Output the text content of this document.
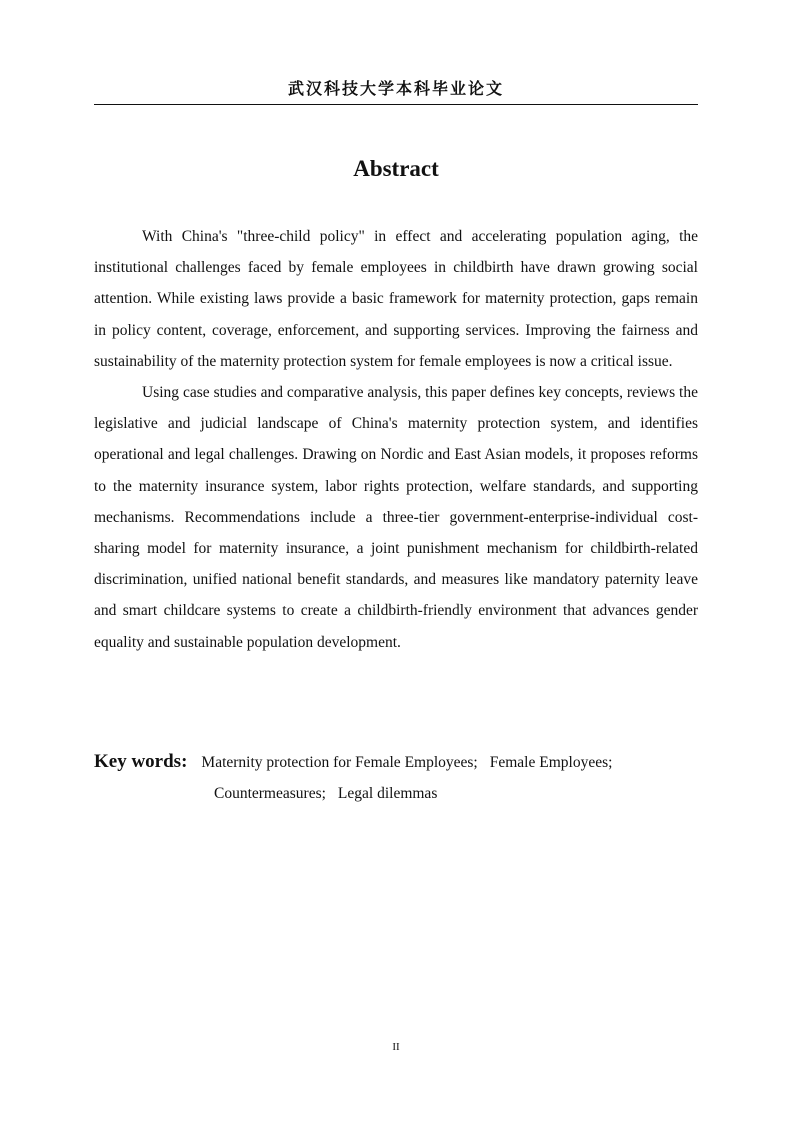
武汉科技大学本科毕业论文
Abstract

With China's "three-child policy" in effect and accelerating population aging, the institutional challenges faced by female employees in childbirth have drawn growing social attention. While existing laws provide a basic framework for maternity protection, gaps remain in policy content, coverage, enforcement, and supporting services. Improving the fairness and sustainability of the maternity protection system for female employees is now a critical issue.

Using case studies and comparative analysis, this paper defines key concepts, reviews the legislative and judicial landscape of China's maternity protection system, and identifies operational and legal challenges. Drawing on Nordic and East Asian models, it proposes reforms to the maternity insurance system, labor rights protection, welfare standards, and supporting mechanisms. Recommendations include a three-tier government-enterprise-individual cost-sharing model for maternity insurance, a joint punishment mechanism for childbirth-related discrimination, unified national benefit standards, and measures like mandatory paternity leave and smart childcare systems to create a childbirth-friendly environment that advances gender equality and sustainable population development.

Key words: Maternity protection for Female Employees; Female Employees;
Countermeasures; Legal dilemmas
II
